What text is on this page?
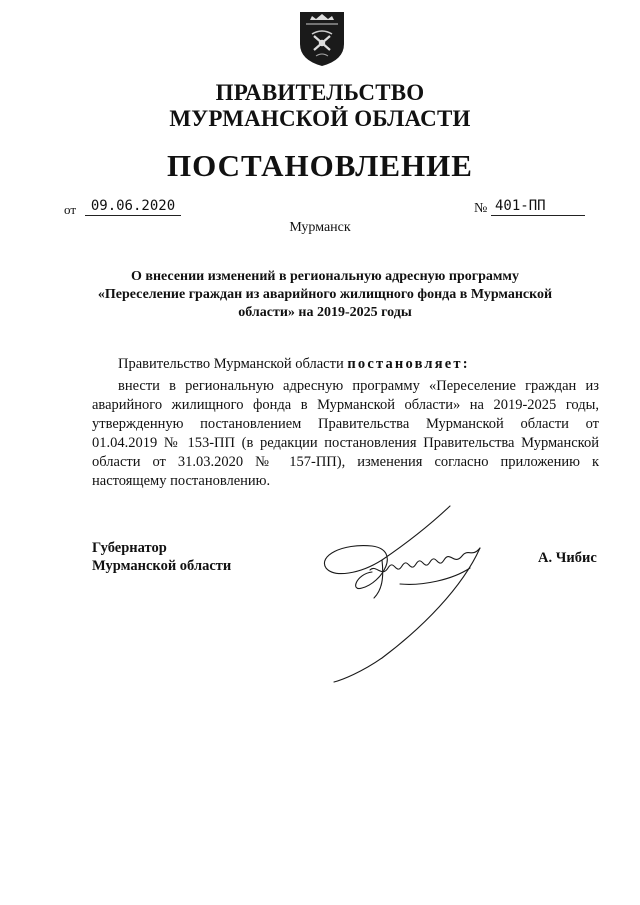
ПРАВИТЕЛЬСТВО
МУРМАНСКОЙ ОБЛАСТИ
ПОСТАНОВЛЕНИЕ
от	09.06.2020	№ 401-ПП
Мурманск
О внесении изменений в региональную адресную программу
«Переселение граждан из аварийного жилищного фонда в Мурманской
области» на 2019-2025 годы
Правительство Мурманской области постановляет:
внести в региональную адресную программу «Переселение граждан из аварийного жилищного фонда в Мурманской области» на 2019-2025 годы, утвержденную постановлением Правительства Мурманской области от 01.04.2019 № 153-ПП (в редакции постановления Правительства Мурманской области от 31.03.2020 № 157-ПП), изменения согласно приложению к настоящему постановлению.
Губернатор
Мурманской области	А. Чибис
